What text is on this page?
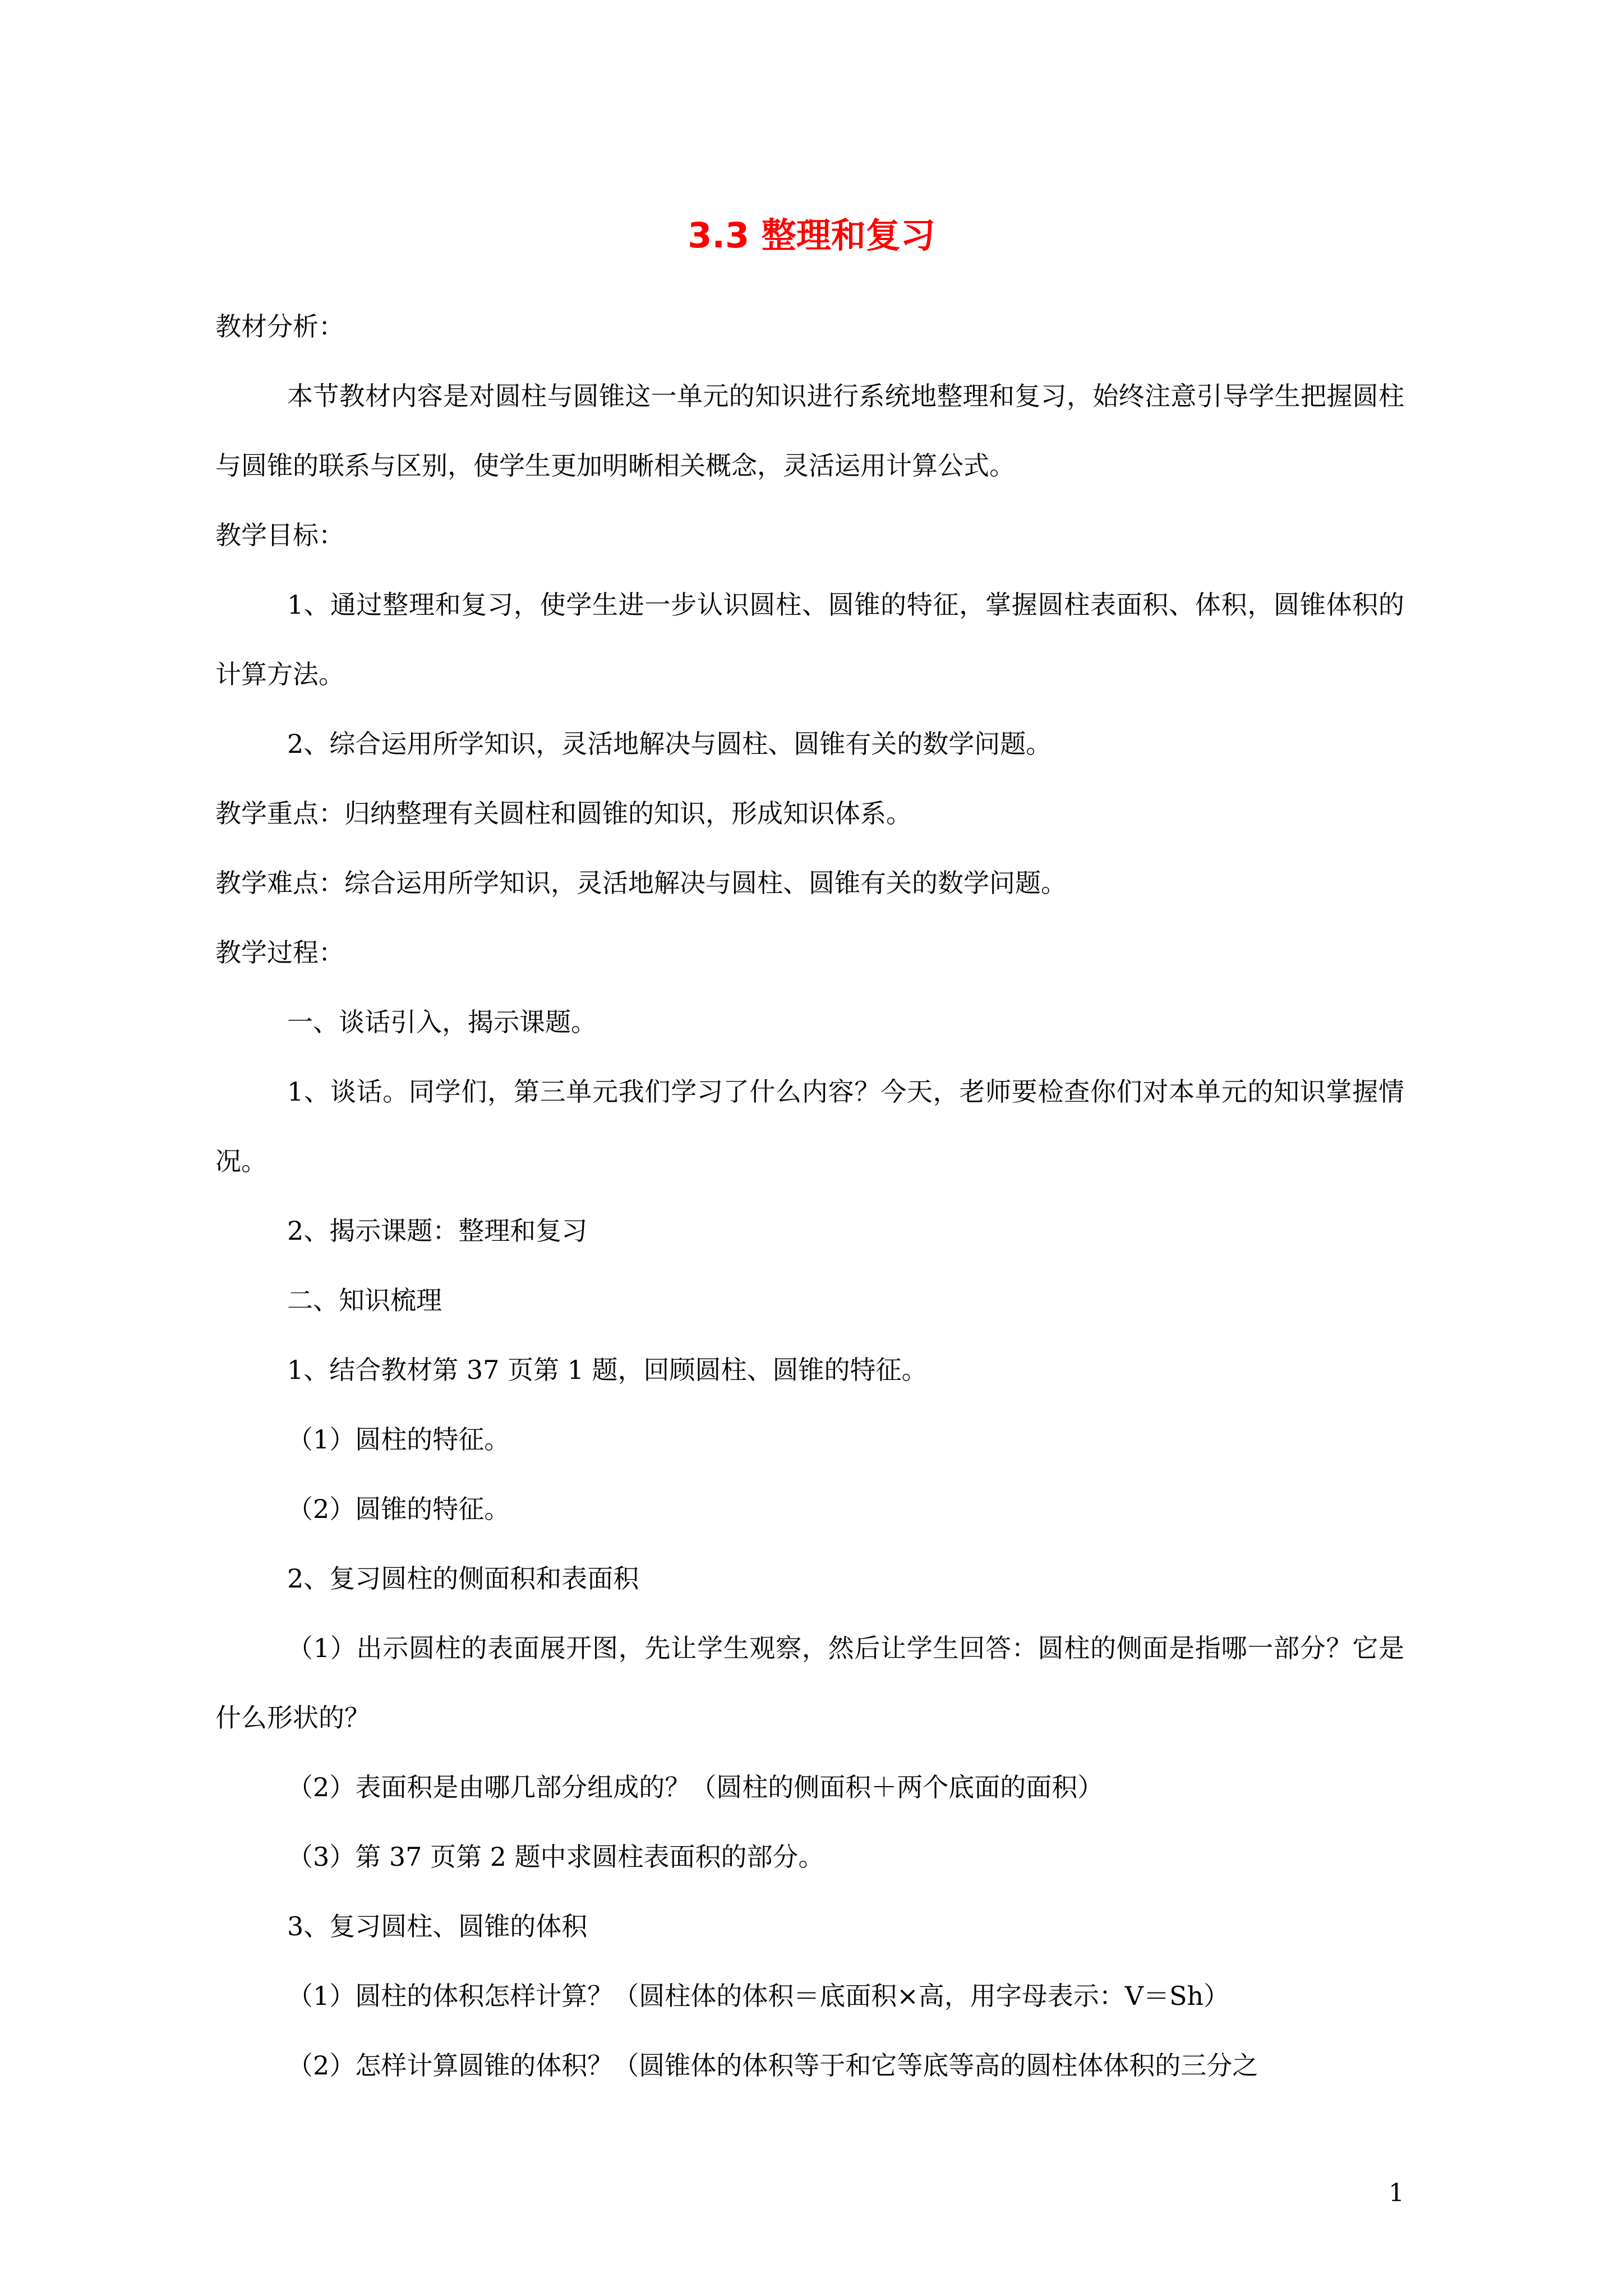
3.3 整理和复习

教材分析：

本节教材内容是对圆柱与圆锥这一单元的知识进行系统地整理和复习，始终注意引导学生把握圆柱与圆锥的联系与区别，使学生更加明晰相关概念，灵活运用计算公式。

教学目标：

1、通过整理和复习，使学生进一步认识圆柱、圆锥的特征，掌握圆柱表面积、体积，圆锥体积的计算方法。

2、综合运用所学知识，灵活地解决与圆柱、圆锥有关的数学问题。

教学重点：归纳整理有关圆柱和圆锥的知识，形成知识体系。

教学难点：综合运用所学知识，灵活地解决与圆柱、圆锥有关的数学问题。

教学过程：

一、谈话引入，揭示课题。

1、谈话。同学们，第三单元我们学习了什么内容？今天，老师要检查你们对本单元的知识掌握情况。

2、揭示课题：整理和复习

二、知识梳理

1、结合教材第 37 页第 1 题，回顾圆柱、圆锥的特征。

（1）圆柱的特征。

（2）圆锥的特征。

2、复习圆柱的侧面积和表面积

（1）出示圆柱的表面展开图，先让学生观察，然后让学生回答：圆柱的侧面是指哪一部分？它是什么形状的？

（2）表面积是由哪几部分组成的？（圆柱的侧面积＋两个底面的面积）

（3）第 37 页第 2 题中求圆柱表面积的部分。

3、复习圆柱、圆锥的体积

（1）圆柱的体积怎样计算？（圆柱体的体积＝底面积×高，用字母表示：V＝Sh）

（2）怎样计算圆锥的体积？（圆锥体的体积等于和它等底等高的圆柱体体积的三分之

1
